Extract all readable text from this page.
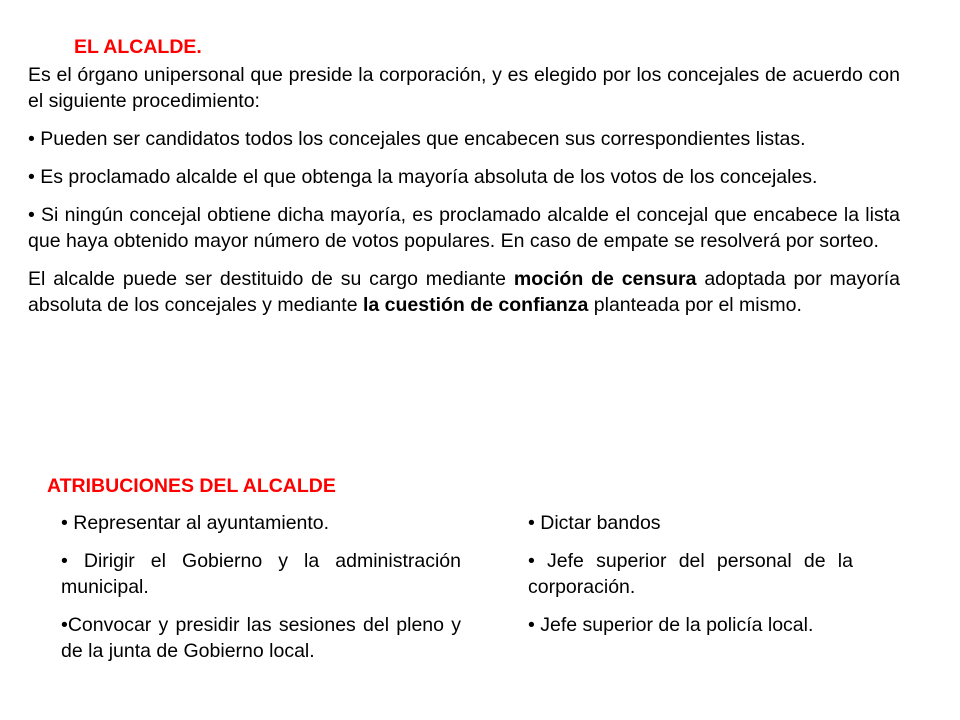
EL ALCALDE.

Es el órgano unipersonal que preside la corporación, y es elegido por los concejales de acuerdo con el siguiente procedimiento:

• Pueden ser candidatos todos los concejales que encabecen sus correspondientes listas.

• Es proclamado alcalde el que obtenga la mayoría absoluta de los votos de los concejales.

• Si ningún concejal obtiene dicha mayoría, es proclamado alcalde el concejal que encabece la lista que haya obtenido mayor número de votos populares. En caso de empate se resolverá por sorteo.

El alcalde puede ser destituido de su cargo mediante moción de censura adoptada por mayoría absoluta de los concejales y mediante la cuestión de confianza planteada por el mismo.

ATRIBUCIONES DEL ALCALDE

• Representar al ayuntamiento.

• Dirigir el Gobierno y la administración municipal.

•Convocar y presidir las sesiones del pleno y de la junta de Gobierno local.

• Dictar bandos

• Jefe superior del personal de la corporación.

• Jefe superior de la policía local.
